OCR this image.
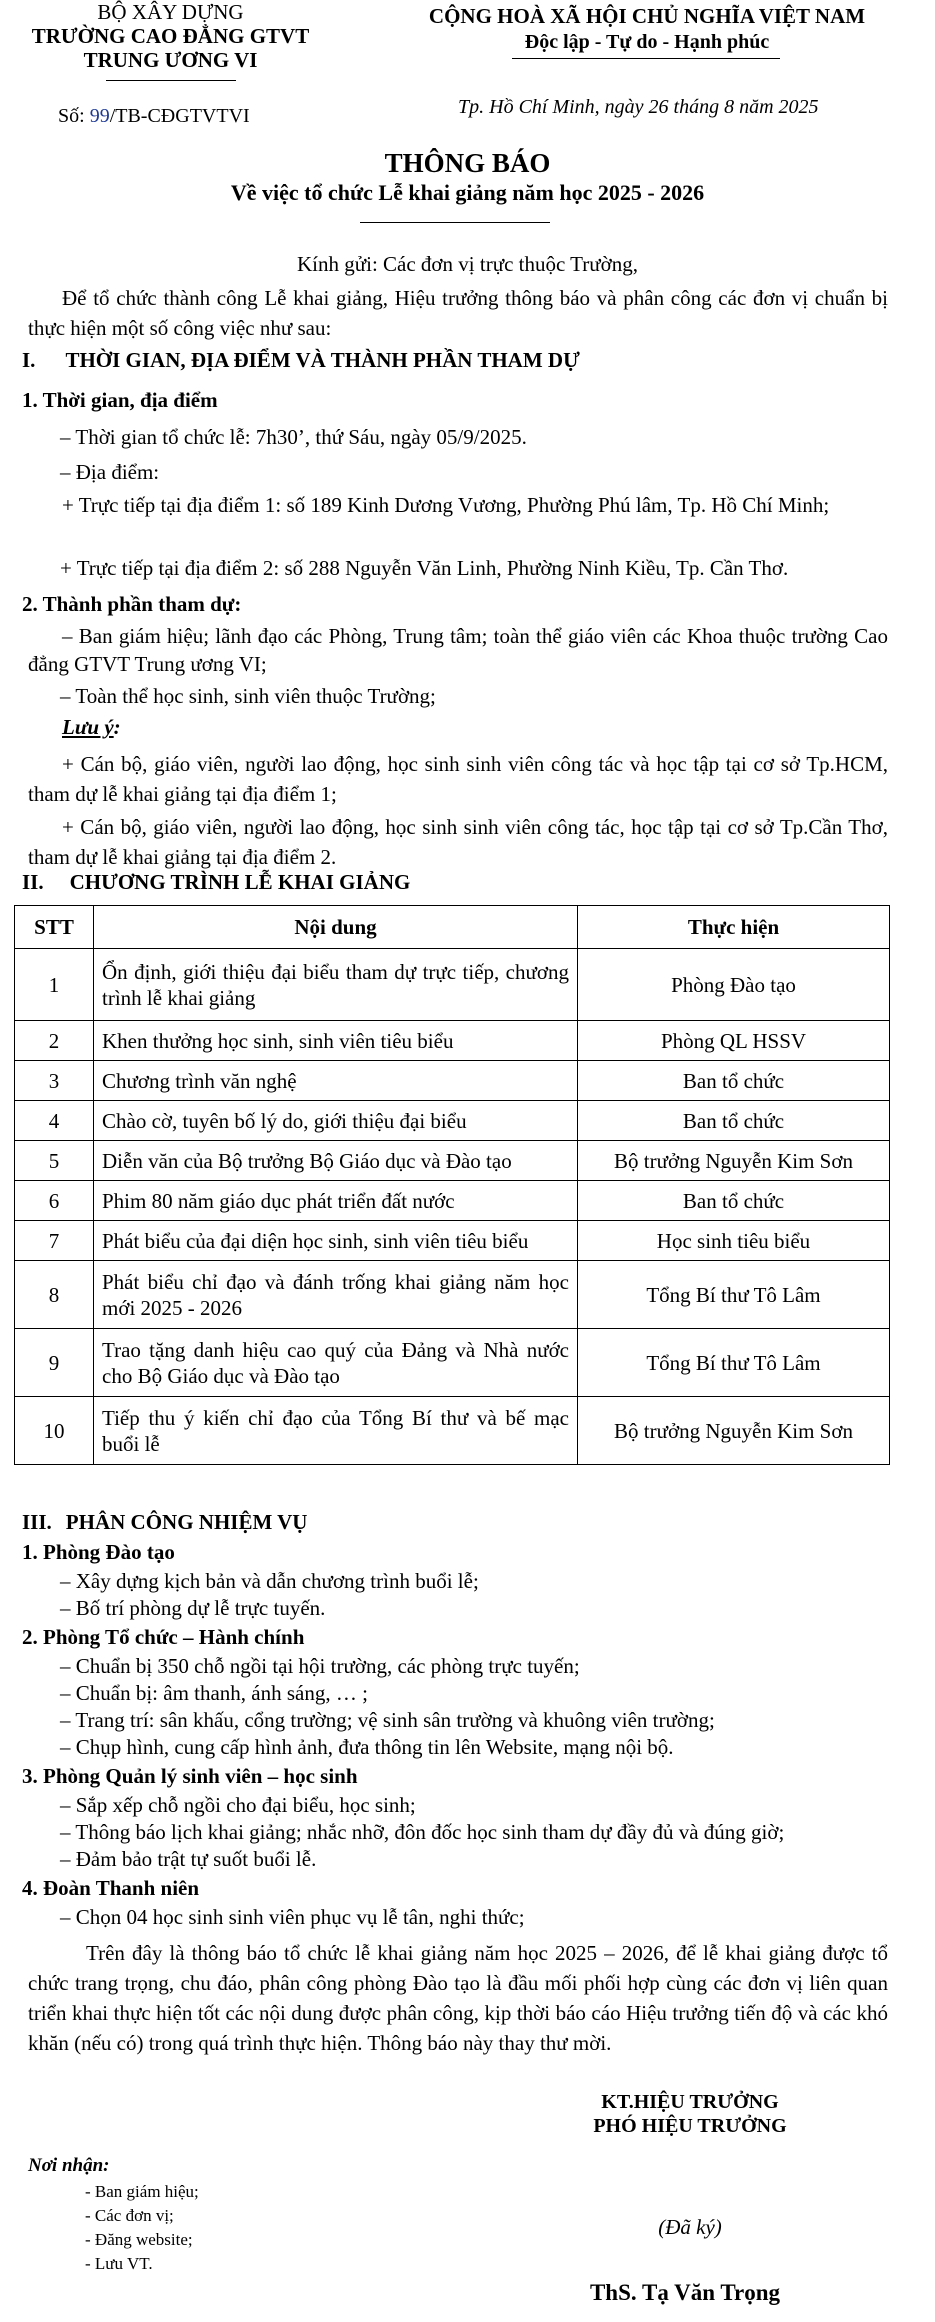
BỘ XÂY DỰNG
TRƯỜNG CAO ĐẲNG GTVT
TRUNG ƯƠNG VI
Số: 99/TB-CĐGTVTVI
CỘNG HOÀ XÃ HỘI CHỦ NGHĨA VIỆT NAM
Độc lập - Tự do - Hạnh phúc
Tp. Hồ Chí Minh, ngày 26 tháng 8 năm 2025
THÔNG BÁO
Về việc tổ chức Lễ khai giảng năm học 2025 - 2026
Kính gửi: Các đơn vị trực thuộc Trường,
Để tổ chức thành công Lễ khai giảng, Hiệu trưởng thông báo và phân công các đơn vị chuẩn bị thực hiện một số công việc như sau:
I. THỜI GIAN, ĐỊA ĐIỂM VÀ THÀNH PHẦN THAM DỰ
1. Thời gian, địa điểm
– Thời gian tổ chức lễ: 7h30’, thứ Sáu, ngày 05/9/2025.
– Địa điểm:
+ Trực tiếp tại địa điểm 1: số 189 Kinh Dương Vương, Phường Phú lâm, Tp. Hồ Chí Minh;
+ Trực tiếp tại địa điểm 2: số 288 Nguyễn Văn Linh, Phường Ninh Kiều, Tp. Cần Thơ.
2. Thành phần tham dự:
– Ban giám hiệu; lãnh đạo các Phòng, Trung tâm; toàn thể giáo viên các Khoa thuộc trường Cao đẳng GTVT Trung ương VI;
– Toàn thể học sinh, sinh viên thuộc Trường;
Lưu ý:
+ Cán bộ, giáo viên, người lao động, học sinh sinh viên công tác và học tập tại cơ sở Tp.HCM, tham dự lễ khai giảng tại địa điểm 1;
+ Cán bộ, giáo viên, người lao động, học sinh sinh viên công tác, học tập tại cơ sở Tp.Cần Thơ, tham dự lễ khai giảng tại địa điểm 2.
II. CHƯƠNG TRÌNH LỄ KHAI GIẢNG
STT	Nội dung	Thực hiện
1	Ổn định, giới thiệu đại biểu tham dự trực tiếp, chương trình lễ khai giảng	Phòng Đào tạo
2	Khen thưởng học sinh, sinh viên tiêu biểu	Phòng QL HSSV
3	Chương trình văn nghệ	Ban tổ chức
4	Chào cờ, tuyên bố lý do, giới thiệu đại biểu	Ban tổ chức
5	Diễn văn của Bộ trưởng Bộ Giáo dục và Đào tạo	Bộ trưởng Nguyễn Kim Sơn
6	Phim 80 năm giáo dục phát triển đất nước	Ban tổ chức
7	Phát biểu của đại diện học sinh, sinh viên tiêu biểu	Học sinh tiêu biểu
8	Phát biểu chỉ đạo và đánh trống khai giảng năm học mới 2025 - 2026	Tổng Bí thư Tô Lâm
9	Trao tặng danh hiệu cao quý của Đảng và Nhà nước cho Bộ Giáo dục và Đào tạo	Tổng Bí thư Tô Lâm
10	Tiếp thu ý kiến chỉ đạo của Tổng Bí thư và bế mạc buổi lễ	Bộ trưởng Nguyễn Kim Sơn
III. PHÂN CÔNG NHIỆM VỤ
1. Phòng Đào tạo
– Xây dựng kịch bản và dẫn chương trình buổi lễ;
– Bố trí phòng dự lễ trực tuyến.
2. Phòng Tổ chức – Hành chính
– Chuẩn bị 350 chỗ ngồi tại hội trường, các phòng trực tuyến;
– Chuẩn bị: âm thanh, ánh sáng, … ;
– Trang trí: sân khấu, cổng trường; vệ sinh sân trường và khuông viên trường;
– Chụp hình, cung cấp hình ảnh, đưa thông tin lên Website, mạng nội bộ.
3. Phòng Quản lý sinh viên – học sinh
– Sắp xếp chỗ ngồi cho đại biểu, học sinh;
– Thông báo lịch khai giảng; nhắc nhỡ, đôn đốc học sinh tham dự đầy đủ và đúng giờ;
– Đảm bảo trật tự suốt buổi lễ.
4. Đoàn Thanh niên
– Chọn 04 học sinh sinh viên phục vụ lễ tân, nghi thức;
Trên đây là thông báo tổ chức lễ khai giảng năm học 2025 – 2026, để lễ khai giảng được tổ chức trang trọng, chu đáo, phân công phòng Đào tạo là đầu mối phối hợp cùng các đơn vị liên quan triển khai thực hiện tốt các nội dung được phân công, kịp thời báo cáo Hiệu trưởng tiến độ và các khó khăn (nếu có) trong quá trình thực hiện. Thông báo này thay thư mời.
KT.HIỆU TRƯỞNG
PHÓ HIỆU TRƯỞNG
(Đã ký)
ThS. Tạ Văn Trọng
Nơi nhận:
- Ban giám hiệu;
- Các đơn vị;
- Đăng website;
- Lưu VT.
